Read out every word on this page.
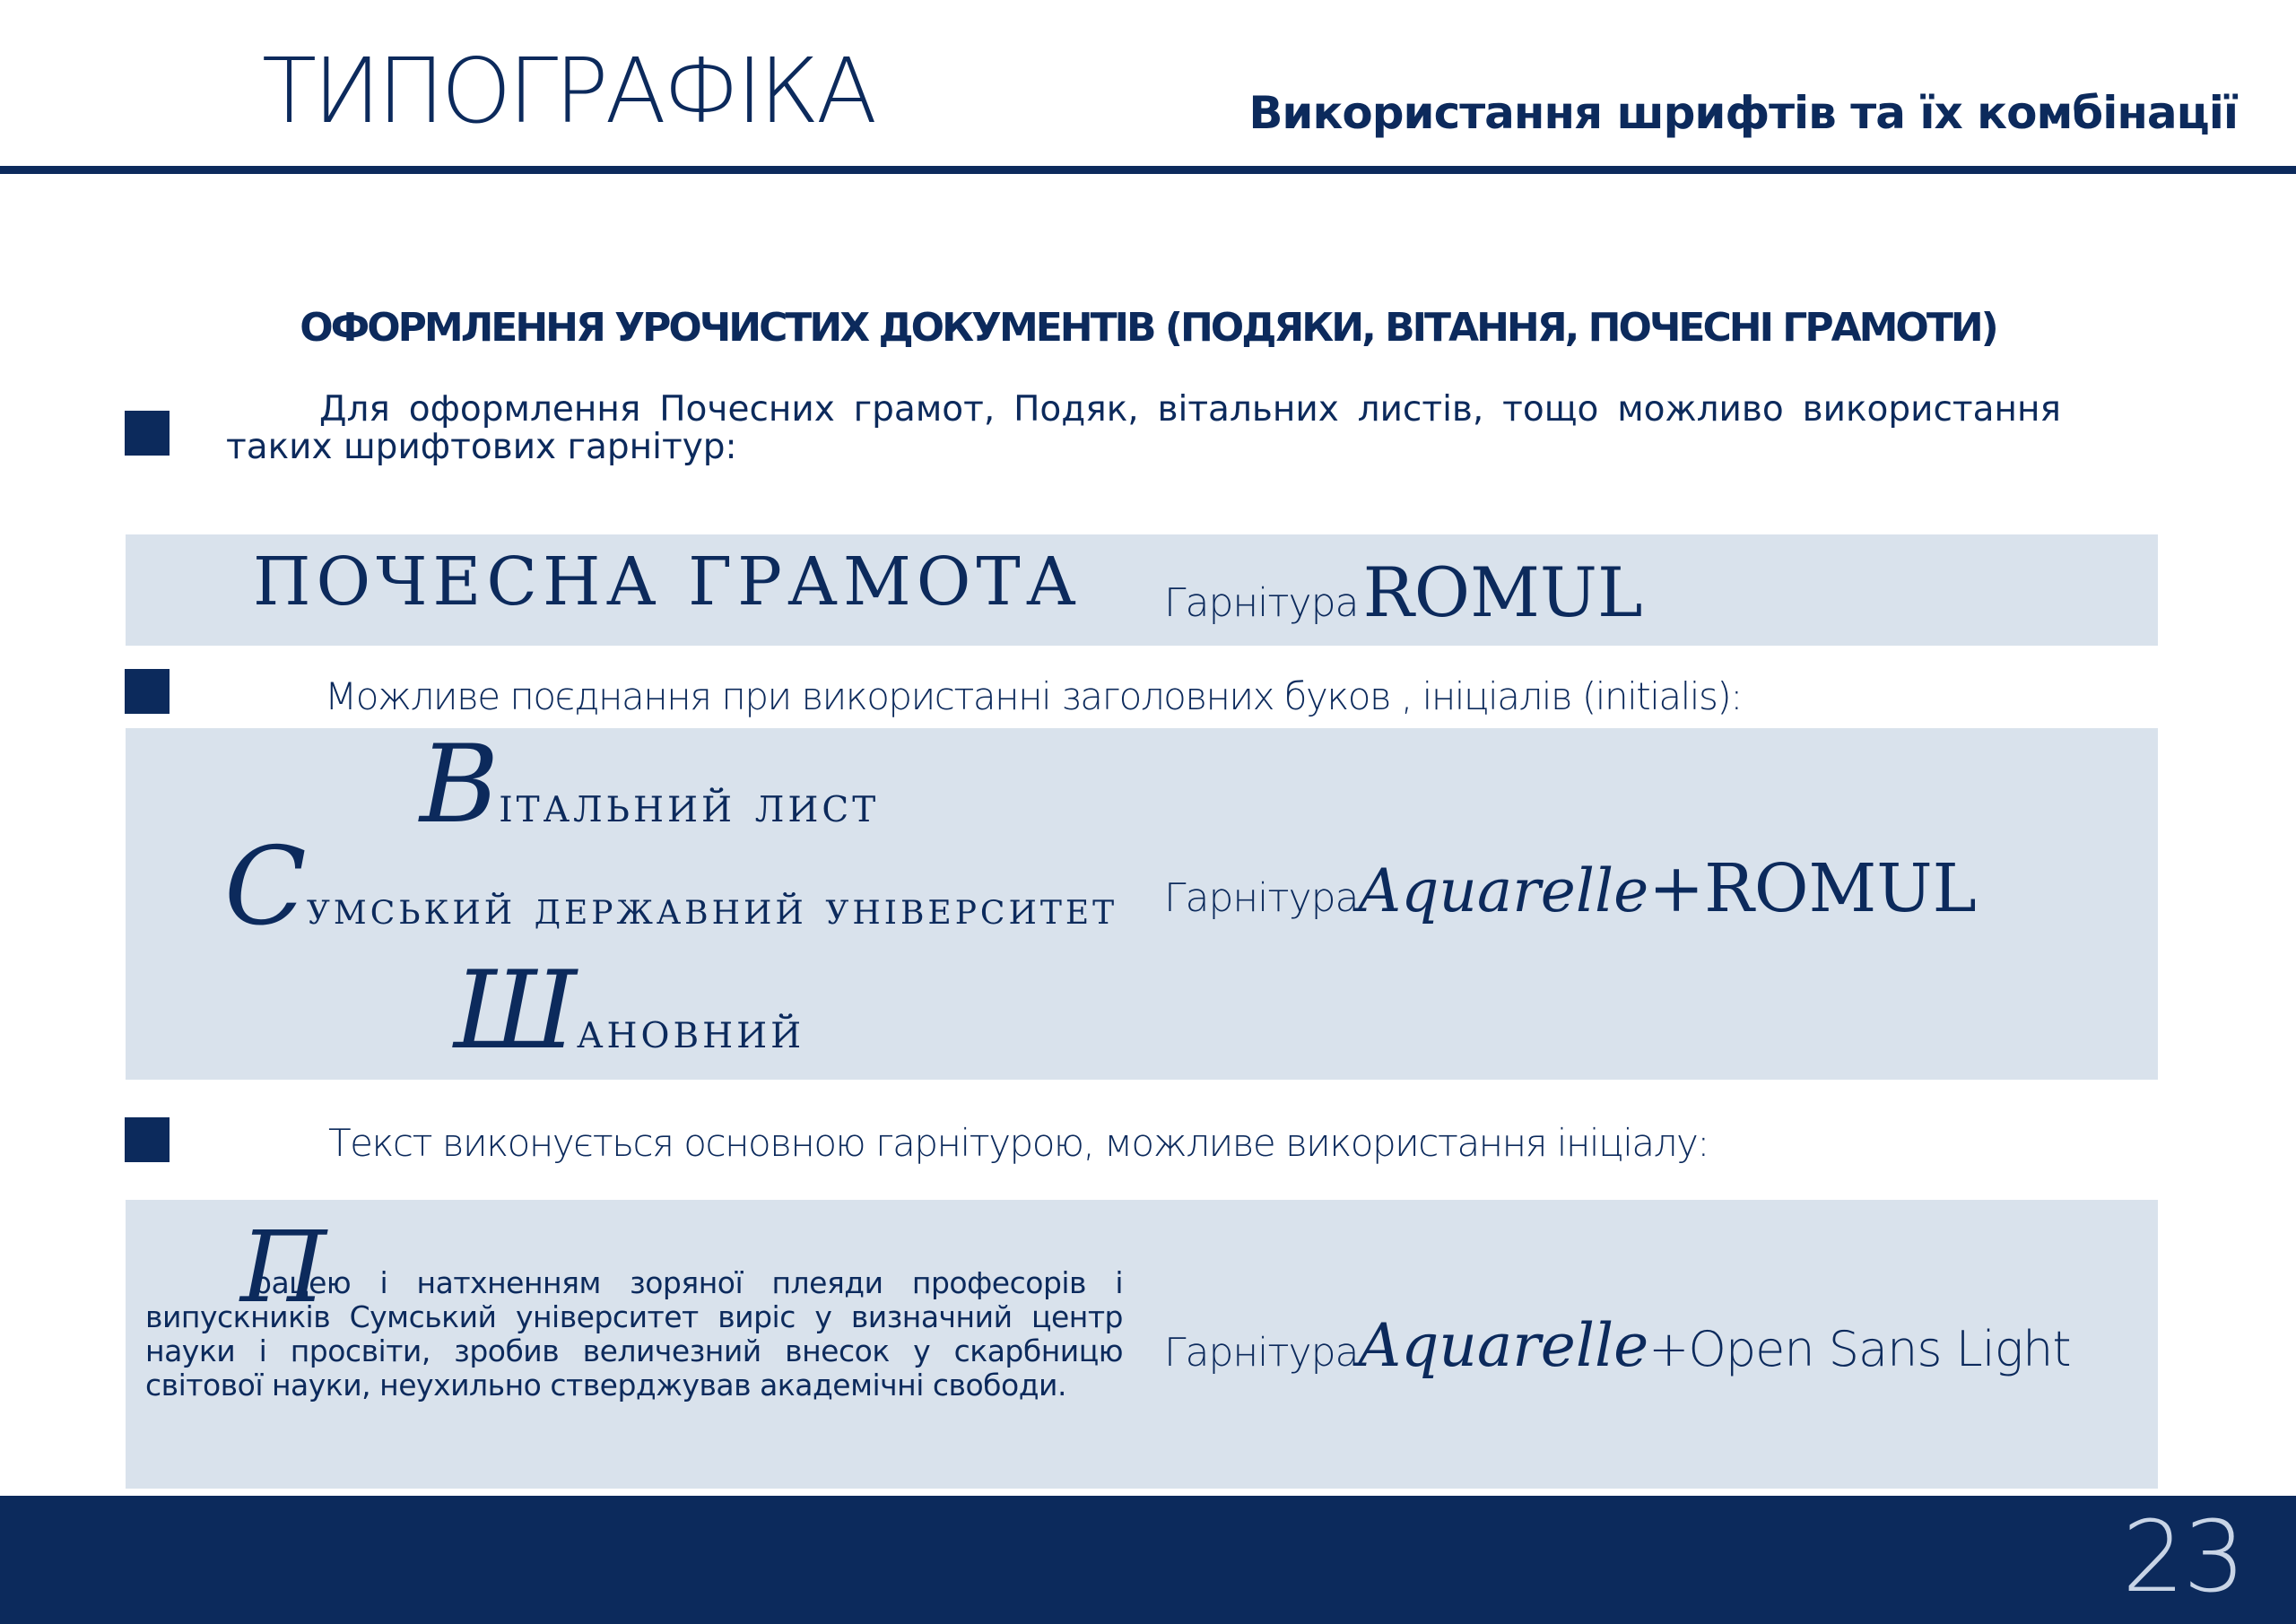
ТИПОГРАФІКА	Використання шрифтів та їх комбінації
ОФОРМЛЕННЯ УРОЧИСТИХ ДОКУМЕНТІВ (ПОДЯКИ, ВІТАННЯ, ПОЧЕСНІ ГРАМОТИ)
Для оформлення Почесних грамот, Подяк, вітальних листів, тощо можливо використання таких шрифтових гарнітур:
ПОЧЕСНА ГРАМОТА Гарнітура ROMUL
Можливе поєднання при використанні заголовних буков , ініціалів (initialis):
Вітальний лист
Сумський державний університет
Шановний
ГарнітураAquarelle+ROMUL
Текст виконується основною гарнітурою, можливе використання ініціалу:
П
рацею і натхненням зоряної плеяди професорів і випускників Сумський університет виріс у визначний центр науки і просвіти, зробив величезний внесок у скарбницю світової науки, неухильно стверджував академічні свободи.
ГарнітураAquarelle+Open Sans Light
23
